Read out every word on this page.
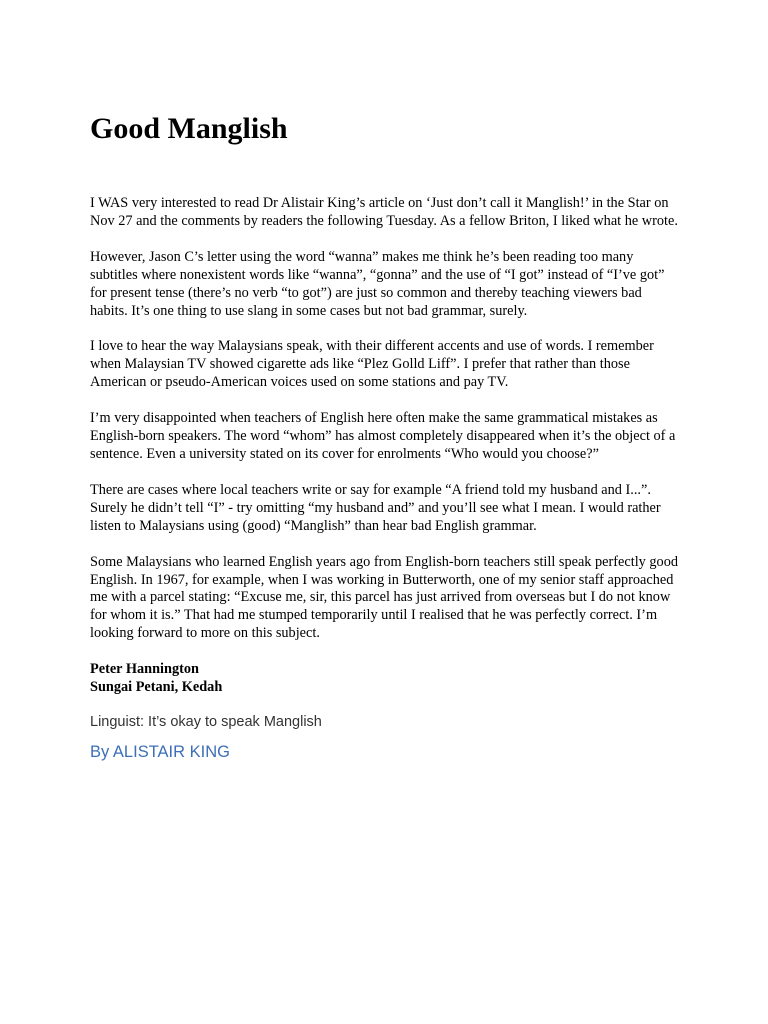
Good Manglish

I WAS very interested to read Dr Alistair King’s article on ‘Just don’t call it Manglish!’ in the Star on Nov 27 and the comments by readers the following Tuesday. As a fellow Briton, I liked what he wrote.

However, Jason C’s letter using the word “wanna” makes me think he’s been reading too many subtitles where nonexistent words like “wanna”, “gonna” and the use of “I got” instead of “I’ve got” for present tense (there’s no verb “to got”) are just so common and thereby teaching viewers bad habits. It’s one thing to use slang in some cases but not bad grammar, surely.

I love to hear the way Malaysians speak, with their different accents and use of words. I remember when Malaysian TV showed cigarette ads like “Plez Golld Liff”. I prefer that rather than those American or pseudo-American voices used on some stations and pay TV.

I’m very disappointed when teachers of English here often make the same grammatical mistakes as English-born speakers. The word “whom” has almost completely disappeared when it’s the object of a sentence. Even a university stated on its cover for enrolments “Who would you choose?”

There are cases where local teachers write or say for example “A friend told my husband and I...”. Surely he didn’t tell “I” - try omitting “my husband and” and you’ll see what I mean. I would rather listen to Malaysians using (good) “Manglish” than hear bad English grammar.

Some Malaysians who learned English years ago from English-born teachers still speak perfectly good English. In 1967, for example, when I was working in Butterworth, one of my senior staff approached me with a parcel stating: “Excuse me, sir, this parcel has just arrived from overseas but I do not know for whom it is.” That had me stumped temporarily until I realised that he was perfectly correct. I’m looking forward to more on this subject.

Peter Hannington

Sungai Petani, Kedah

Linguist: It’s okay to speak Manglish

By ALISTAIR KING
